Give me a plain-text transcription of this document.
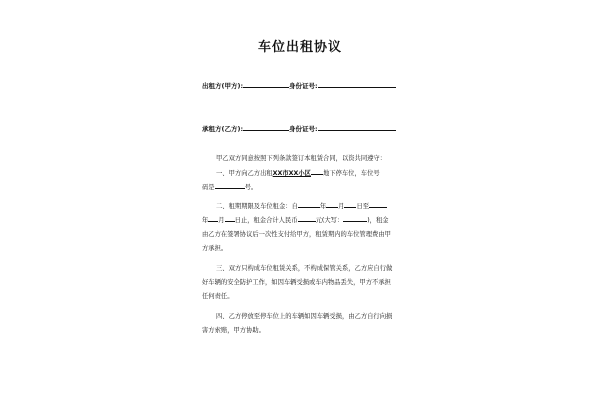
车位出租协议
出租方(甲方):	身份证号:
承租方(乙方):	身份证号:
甲乙双方同意按照下列条款签订本租赁合同，以资共同遵守：
一、甲方向乙方出租XX市XX小区 地下停车位，车位号
码是	号。
二、租期期限及车位租金：自	年 月 日至
年 月 日止，租金合计人民币	元(大写：	)，租金
由乙方在签署协议后一次性支付给甲方，租赁期内的车位管理费由甲
方承担。
三、双方只构成车位租赁关系，不构成保管关系，乙方应自行做
好车辆的安全防护工作，如因车辆受损或车内物品丢失，甲方不承担
任何责任。
四、乙方停放至停车位上的车辆如因车辆受损，由乙方自行向损
害方索赔，甲方协助。
